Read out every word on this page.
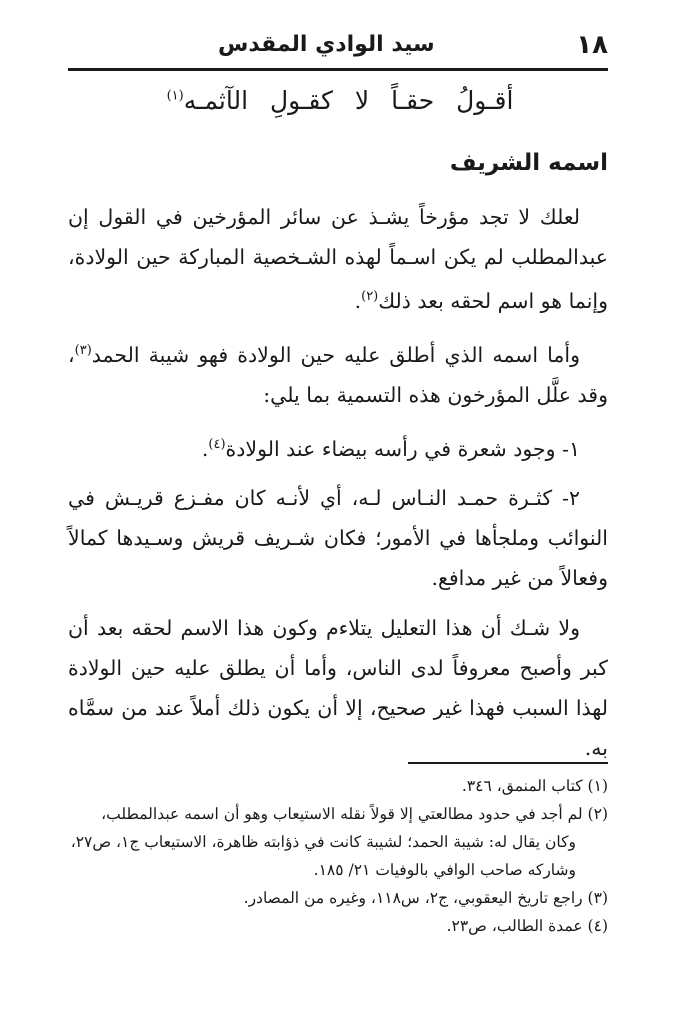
سيد الوادي المقدس	١٨
أقـولُ حقـاً لا كقـولِ الآثمـه$^{(١)}$
اسمه الشريف

لعلك لا تجد مؤرخاً يشـذ عن سائر المؤرخين في القول إن عبدالمطلب لم يكن اسـماً لهذه الشـخصية المباركة حين الولادة، وإنما هو اسم لحقه بعد ذلك$^{(٢)}$.

وأما اسمه الذي أطلق عليه حين الولادة فهو شيبة الحمد$^{(٣)}$، وقد علَّل المؤرخون هذه التسمية بما يلي:

١- وجود شعرة في رأسه بيضاء عند الولادة$^{(٤)}$.

٢- كثـرة حمـد النـاس لـه، أي لأنـه كان مفـزع قريـش في النوائب وملجأها في الأمور؛ فكان شـريف قريش وسـيدها كمالاً وفعالاً من غير مدافع.

ولا شـك أن هذا التعليل يتلاءم وكون هذا الاسم لحقه بعد أن كبر وأصبح معروفاً لدى الناس، وأما أن يطلق عليه حين الولادة لهذا السبب فهذا غير صحيح، إلا أن يكون ذلك أملاً عند من سمَّاه به.

(١) كتاب المنمق، ٣٤٦.

(٢) لم أجد في حدود مطالعتي إلا قولاً نقله الاستيعاب وهو أن اسمه عبدالمطلب، وكان يقال له: شيبة الحمد؛ لشيبة كانت في ذؤابته ظاهرة، الاستيعاب ج١، ص٢٧، وشاركه صاحب الوافي بالوفيات ٢١/ ١٨٥.

(٣) راجع تاريخ اليعقوبي، ج٢، س١١٨، وغيره من المصادر.

(٤) عمدة الطالب، ص٢٣.
